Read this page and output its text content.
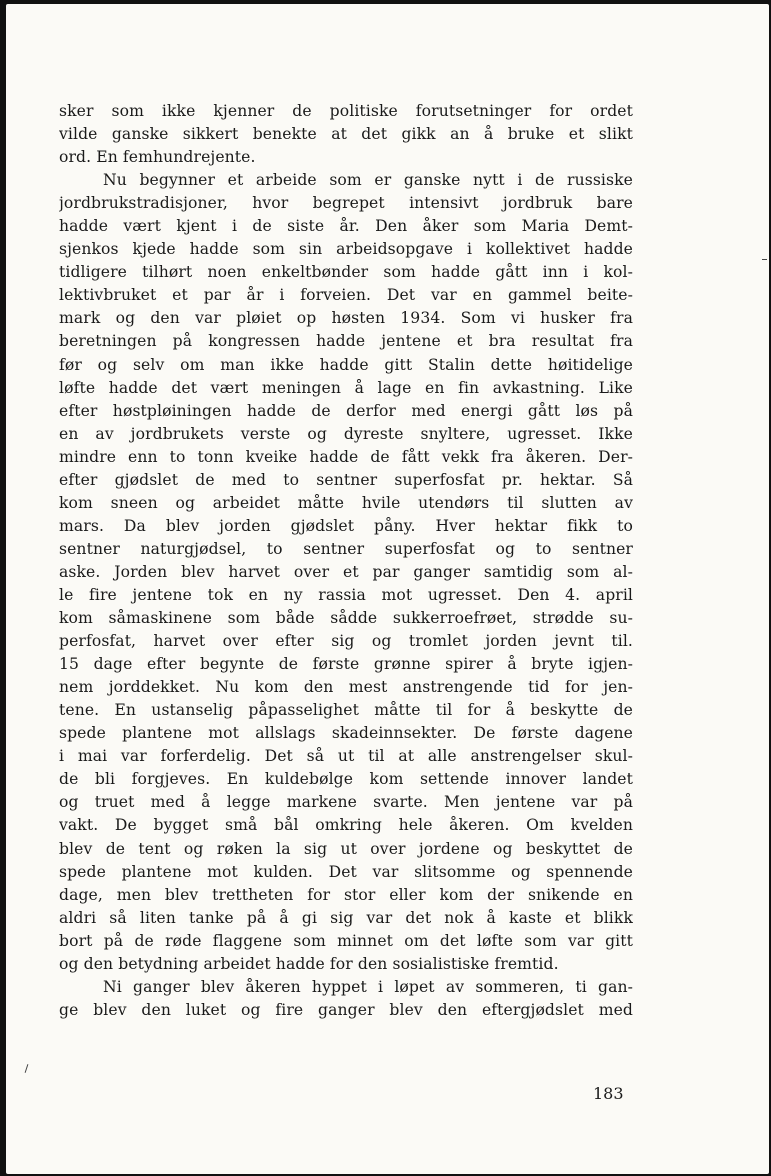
sker som ikke kjenner de politiske forutsetninger for ordet
vilde ganske sikkert benekte at det gikk an å bruke et slikt
ord. En femhundrejente.
Nu begynner et arbeide som er ganske nytt i de russiske
jordbrukstradisjoner, hvor begrepet intensivt jordbruk bare
hadde vært kjent i de siste år. Den åker som Maria Demt-
sjenkos kjede hadde som sin arbeidsopgave i kollektivet hadde
tidligere tilhørt noen enkeltbønder som hadde gått inn i kol-
lektivbruket et par år i forveien. Det var en gammel beite-
mark og den var pløiet op høsten 1934. Som vi husker fra
beretningen på kongressen hadde jentene et bra resultat fra
før og selv om man ikke hadde gitt Stalin dette høitidelige
løfte hadde det vært meningen å lage en fin avkastning. Like
efter høstpløiningen hadde de derfor med energi gått løs på
en av jordbrukets verste og dyreste snyltere, ugresset. Ikke
mindre enn to tonn kveike hadde de fått vekk fra åkeren. Der-
efter gjødslet de med to sentner superfosfat pr. hektar. Så
kom sneen og arbeidet måtte hvile utendørs til slutten av
mars. Da blev jorden gjødslet påny. Hver hektar fikk to
sentner naturgjødsel, to sentner superfosfat og to sentner
aske. Jorden blev harvet over et par ganger samtidig som al-
le fire jentene tok en ny rassia mot ugresset. Den 4. april
kom såmaskinene som både sådde sukkerroefrøet, strødde su-
perfosfat, harvet over efter sig og tromlet jorden jevnt til.
15 dage efter begynte de første grønne spirer å bryte igjen-
nem jorddekket. Nu kom den mest anstrengende tid for jen-
tene. En ustanselig påpasselighet måtte til for å beskytte de
spede plantene mot allslags skadeinnsekter. De første dagene
i mai var forferdelig. Det så ut til at alle anstrengelser skul-
de bli forgjeves. En kuldebølge kom settende innover landet
og truet med å legge markene svarte. Men jentene var på
vakt. De bygget små bål omkring hele åkeren. Om kvelden
blev de tent og røken la sig ut over jordene og beskyttet de
spede plantene mot kulden. Det var slitsomme og spennende
dage, men blev trettheten for stor eller kom der snikende en
aldri så liten tanke på å gi sig var det nok å kaste et blikk
bort på de røde flaggene som minnet om det løfte som var gitt
og den betydning arbeidet hadde for den sosialistiske fremtid.
Ni ganger blev åkeren hyppet i løpet av sommeren, ti gan-
ge blev den luket og fire ganger blev den eftergjødslet med
183
